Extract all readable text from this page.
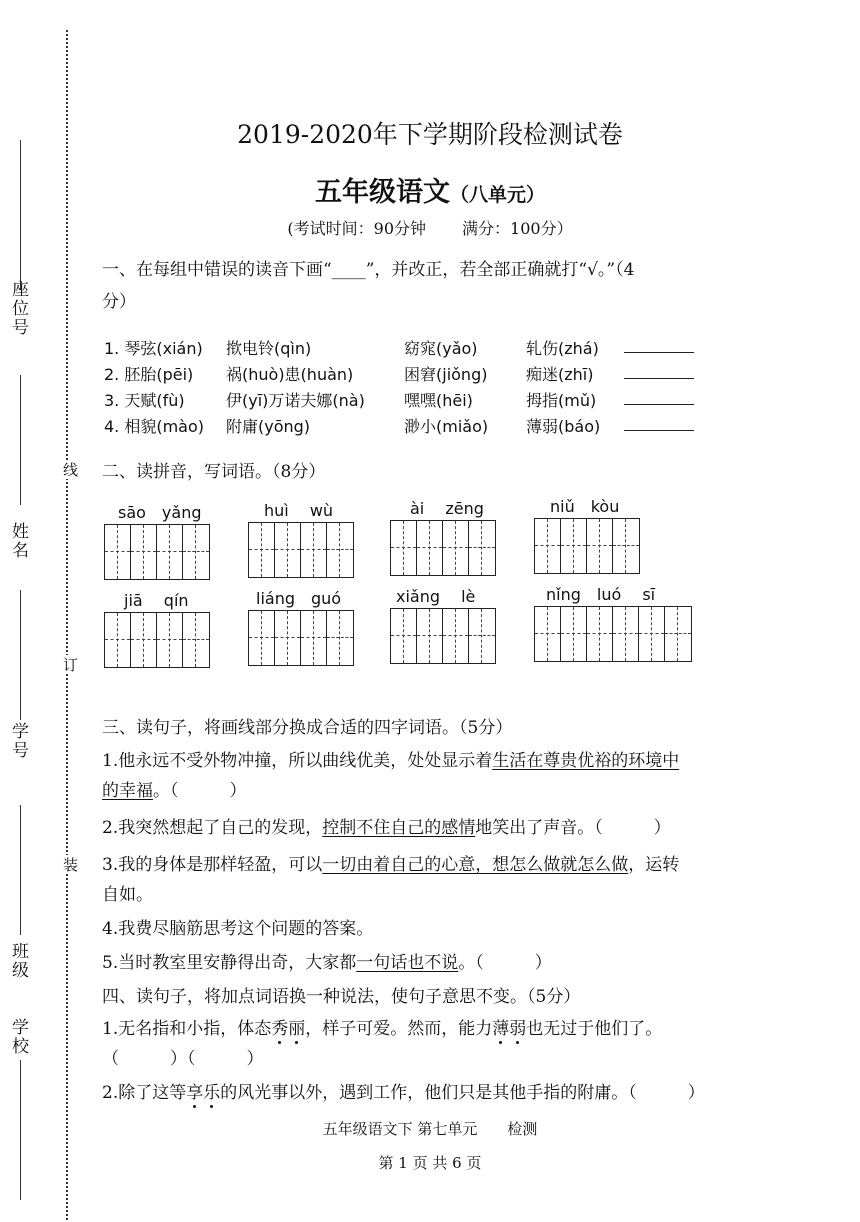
座位号
姓名
学号
班级
学校
线
订
装
2019-2020年下学期阶段检测试卷
五年级语文（八单元）
(考试时间：90分钟 满分：100分）
一、在每组中错误的读音下画“____”，并改正，若全部正确就打“√。”（4
分）
1. 琴弦(xián) 揿电铃(qìn)	窈窕(yǎo)	轧伤(zhá)
2. 胚胎(pēi) 祸(huò)患(huàn)	困窘(jiǒng) 痴迷(zhī)
3. 天赋(fù)	伊(yī)万诺夫娜(nà) 嘿嘿(hēi)	拇指(mǔ)
4. 相貌(mào) 附庸(yōng)	渺小(miǎo) 薄弱(báo)
二、读拼音，写词语。（8分）
sāo　yǎng	huì　 wù	ài　 zēng	niǔ　kòu
jiā　 qín	liáng　guó	xiǎng　 lè	nǐng　luó　 sī
三、读句子，将画线部分换成合适的四字词语。（5分）
1.他永远不受外物冲撞，所以曲线优美，处处显示着生活在尊贵优裕的环境中
的幸福。（　　　）
2.我突然想起了自己的发现，控制不住自己的感情地笑出了声音。（　　　）
3.我的身体是那样轻盈，可以一切由着自己的心意，想怎么做就怎么做，运转
自如。
4.我费尽脑筋思考这个问题的答案。
5.当时教室里安静得出奇，大家都一句话也不说。（　　　）
四、读句子，将加点词语换一种说法，使句子意思不变。（5分）
1.无名指和小指，体态秀丽，样子可爱。然而，能力薄弱也无过于他们了。
（　　　）（　　　）
2.除了这等享乐的风光事以外，遇到工作，他们只是其他手指的附庸。（　　　）
五年级语文下 第七单元　　检测
第 1 页 共 6 页
